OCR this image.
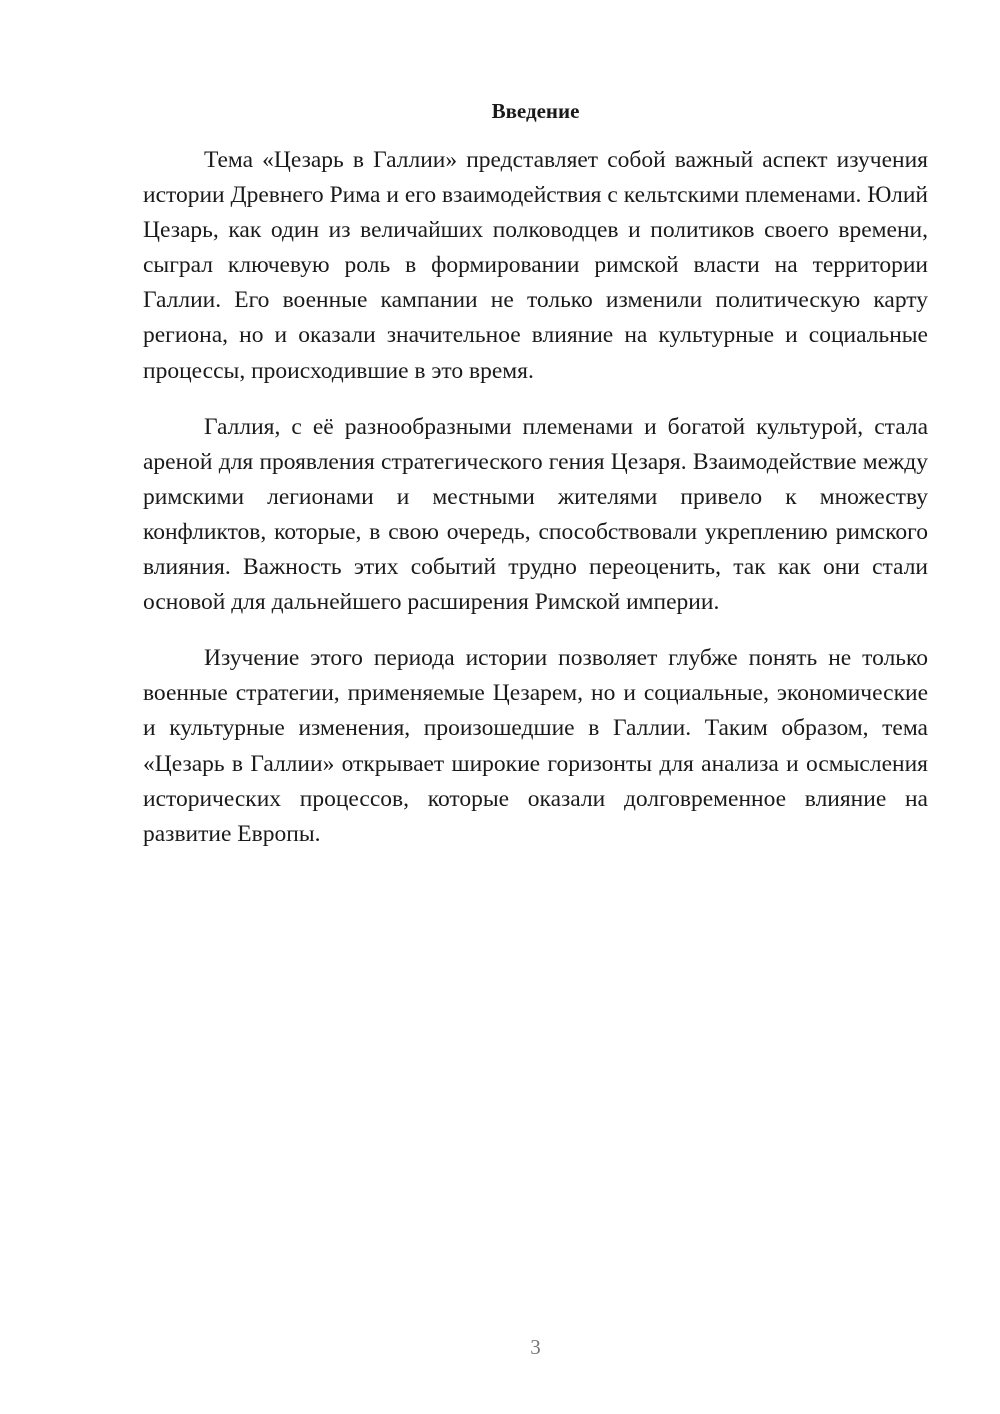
Введение

Тема «Цезарь в Галлии» представляет собой важный аспект изучения истории Древнего Рима и его взаимодействия с кельтскими племенами. Юлий Цезарь, как один из величайших полководцев и политиков своего времени, сыграл ключевую роль в формировании римской власти на территории Галлии. Его военные кампании не только изменили политическую карту региона, но и оказали значительное влияние на культурные и социальные процессы, происходившие в это время.

Галлия, с её разнообразными племенами и богатой культурой, стала ареной для проявления стратегического гения Цезаря. Взаимодействие между римскими легионами и местными жителями привело к множеству конфликтов, которые, в свою очередь, способствовали укреплению римского влияния. Важность этих событий трудно переоценить, так как они стали основой для дальнейшего расширения Римской империи.

Изучение этого периода истории позволяет глубже понять не только военные стратегии, применяемые Цезарем, но и социальные, экономические и культурные изменения, произошедшие в Галлии. Таким образом, тема «Цезарь в Галлии» открывает широкие горизонты для анализа и осмысления исторических процессов, которые оказали долговременное влияние на развитие Европы.

3
